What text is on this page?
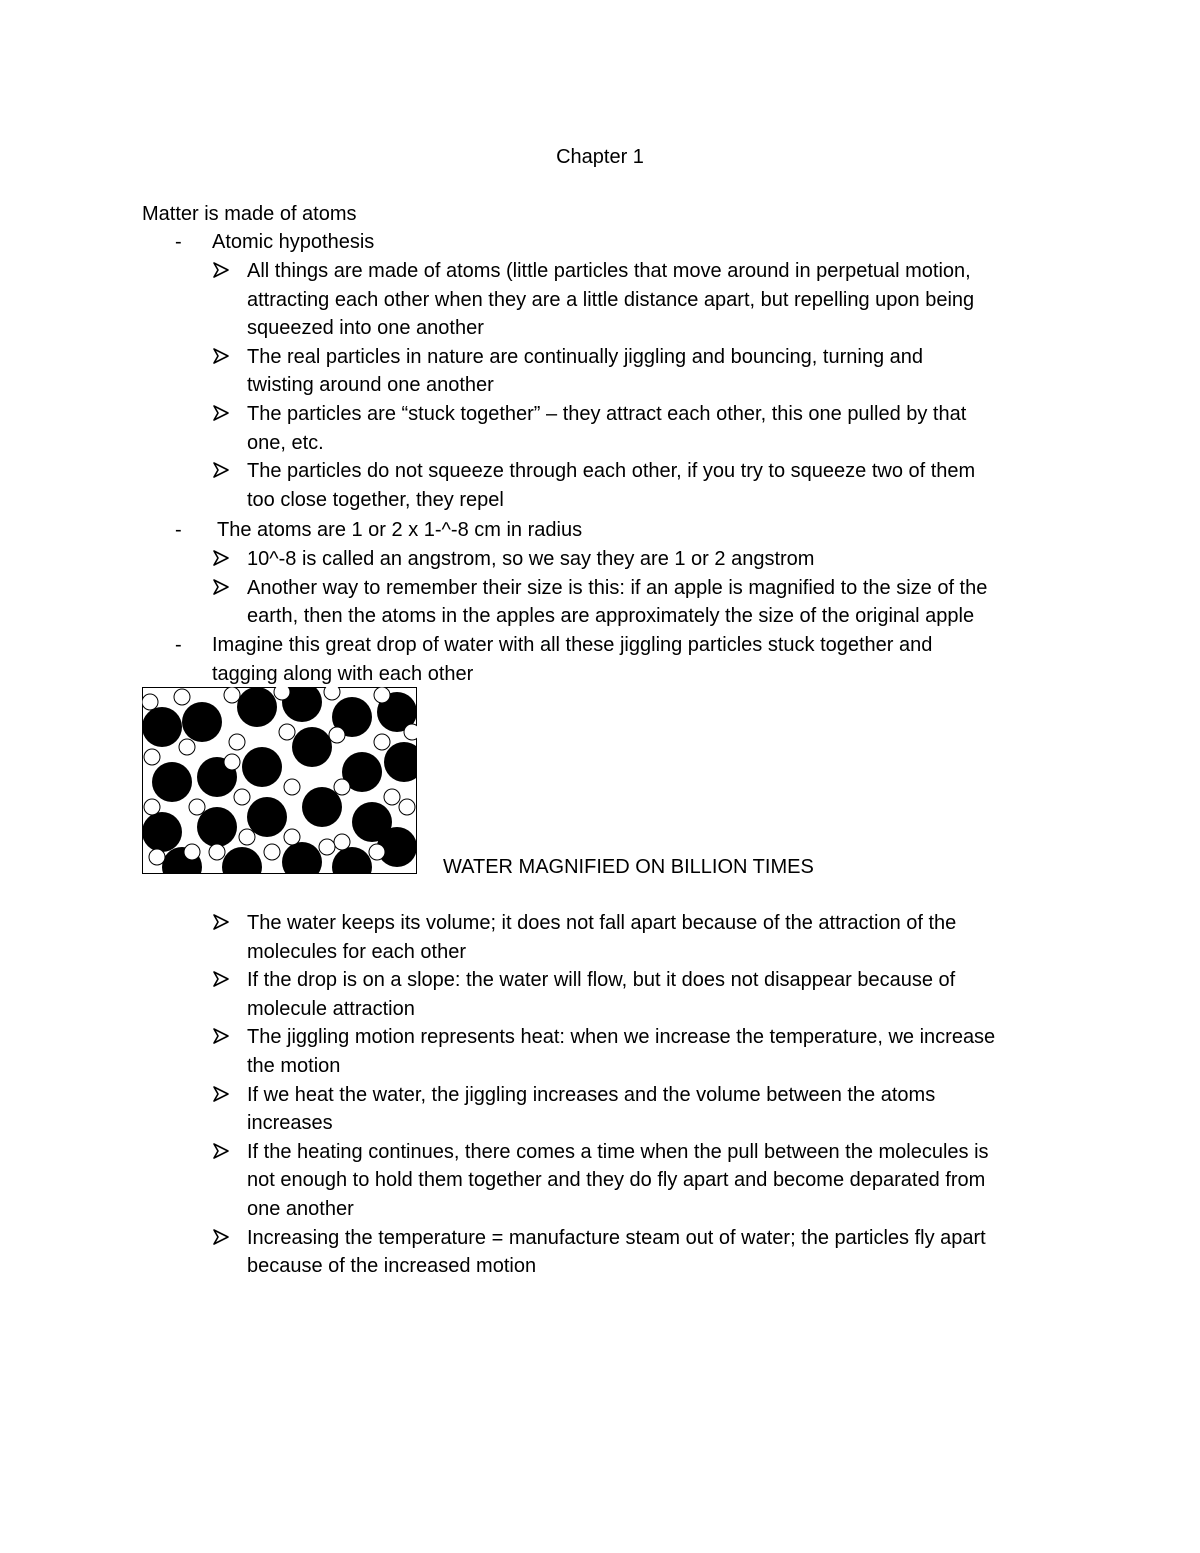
Chapter 1
Matter is made of atoms
- Atomic hypothesis
All things are made of atoms (little particles that move around in perpetual motion,
attracting each other when they are a little distance apart, but repelling upon being
squeezed into one another
The real particles in nature are continually jiggling and bouncing, turning and
twisting around one another
The particles are “stuck together” – they attract each other, this one pulled by that
one, etc.
The particles do not squeeze through each other, if you try to squeeze two of them
too close together, they repel
- The atoms are 1 or 2 x 1-^-8 cm in radius
10^-8 is called an angstrom, so we say they are 1 or 2 angstrom
Another way to remember their size is this: if an apple is magnified to the size of the
earth, then the atoms in the apples are approximately the size of the original apple
- Imagine this great drop of water with all these jiggling particles stuck together and
tagging along with each other
WATER MAGNIFIED ON BILLION TIMES
The water keeps its volume; it does not fall apart because of the attraction of the
molecules for each other
If the drop is on a slope: the water will flow, but it does not disappear because of
molecule attraction
The jiggling motion represents heat: when we increase the temperature, we increase
the motion
If we heat the water, the jiggling increases and the volume between the atoms
increases
If the heating continues, there comes a time when the pull between the molecules is
not enough to hold them together and they do fly apart and become deparated from
one another
Increasing the temperature = manufacture steam out of water; the particles fly apart
because of the increased motion
